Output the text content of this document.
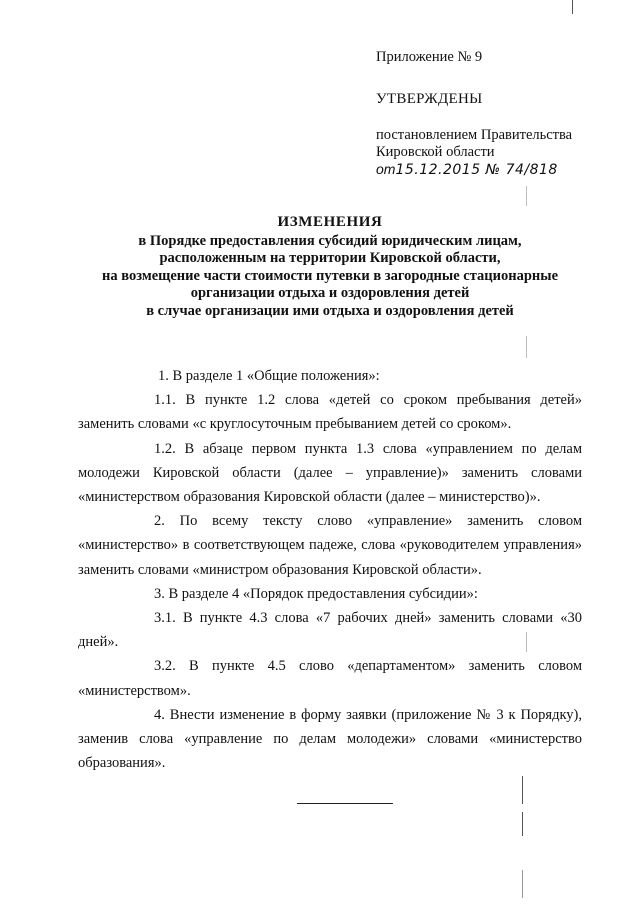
Приложение № 9
УТВЕРЖДЕНЫ
постановлением Правительства
Кировской области
от15.12.2015 № 74/818
ИЗМЕНЕНИЯ
в Порядке предоставления субсидий юридическим лицам,
расположенным на территории Кировской области,
на возмещение части стоимости путевки в загородные стационарные
организации отдыха и оздоровления детей
в случае организации ими отдыха и оздоровления детей
1. В разделе 1 «Общие положения»:
1.1. В пункте 1.2 слова «детей со сроком пребывания детей» заменить словами «с круглосуточным пребыванием детей со сроком».
1.2. В абзаце первом пункта 1.3 слова «управлением по делам молодежи Кировской области (далее – управление)» заменить словами «министерством образования Кировской области (далее – министерство)».
2. По всему тексту слово «управление» заменить словом «министерство» в соответствующем падеже, слова «руководителем управления» заменить словами «министром образования Кировской области».
3. В разделе 4 «Порядок предоставления субсидии»:
3.1. В пункте 4.3 слова «7 рабочих дней» заменить словами «30 дней».
3.2. В пункте 4.5 слово «департаментом» заменить словом «министерством».
4. Внести изменение в форму заявки (приложение № 3 к Порядку), заменив слова «управление по делам молодежи» словами «министерство образования».
